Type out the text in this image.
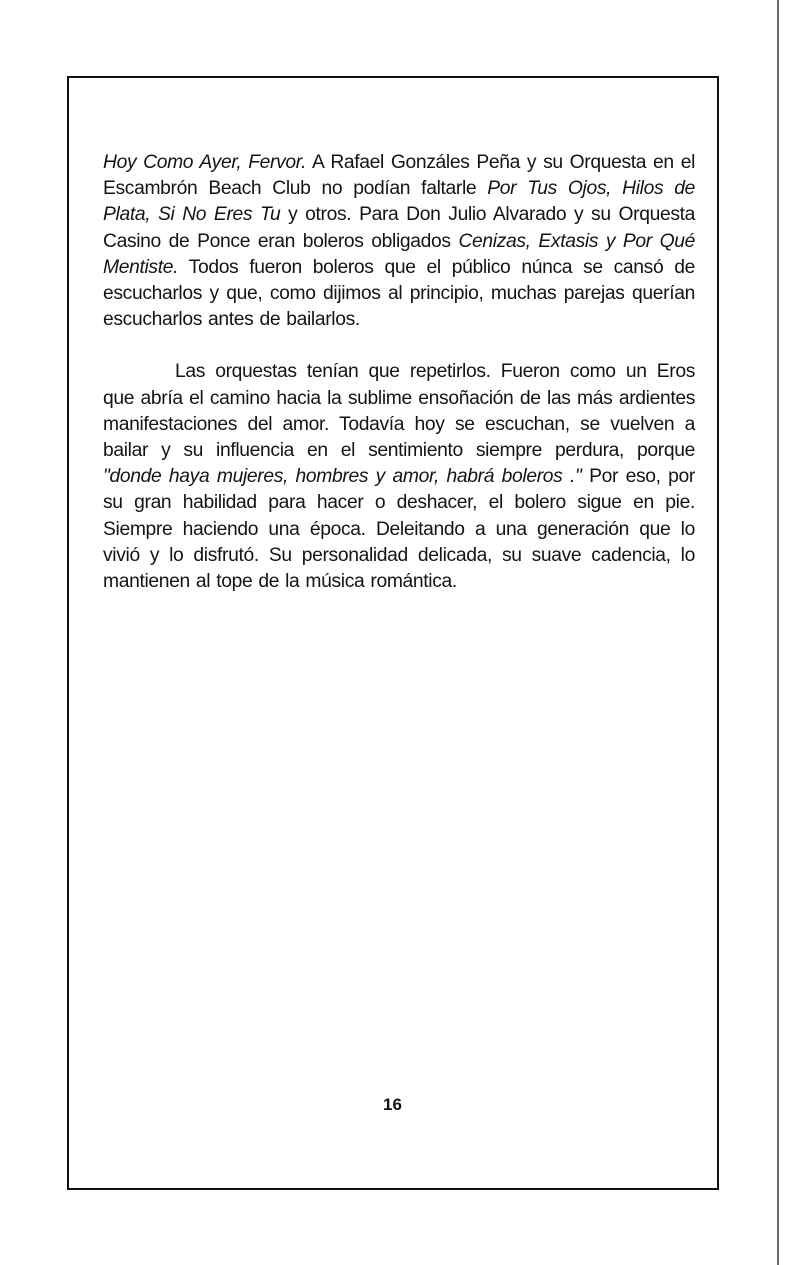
Hoy Como Ayer, Fervor. A Rafael Gonzáles Peña y su Orquesta en el Escambrón Beach Club no podían faltarle Por Tus Ojos, Hilos de Plata, Si No Eres Tu y otros. Para Don Julio Alvarado y su Orquesta Casino de Ponce eran boleros obligados Cenizas, Extasis y Por Qué Mentiste. Todos fueron boleros que el público núnca se cansó de escucharlos y que, como dijimos al principio, muchas parejas querían escucharlos antes de bailarlos.

Las orquestas tenían que repetirlos. Fueron como un Eros que abría el camino hacia la sublime ensoñación de las más ardientes manifestaciones del amor. Todavía hoy se escuchan, se vuelven a bailar y su influencia en el sentimiento siempre perdura, porque "donde haya mujeres, hombres y amor, habrá boleros ." Por eso, por su gran habilidad para hacer o deshacer, el bolero sigue en pie. Siempre haciendo una época. Deleitando a una generación que lo vivió y lo disfrutó. Su personalidad delicada, su suave cadencia, lo mantienen al tope de la música romántica.

16
